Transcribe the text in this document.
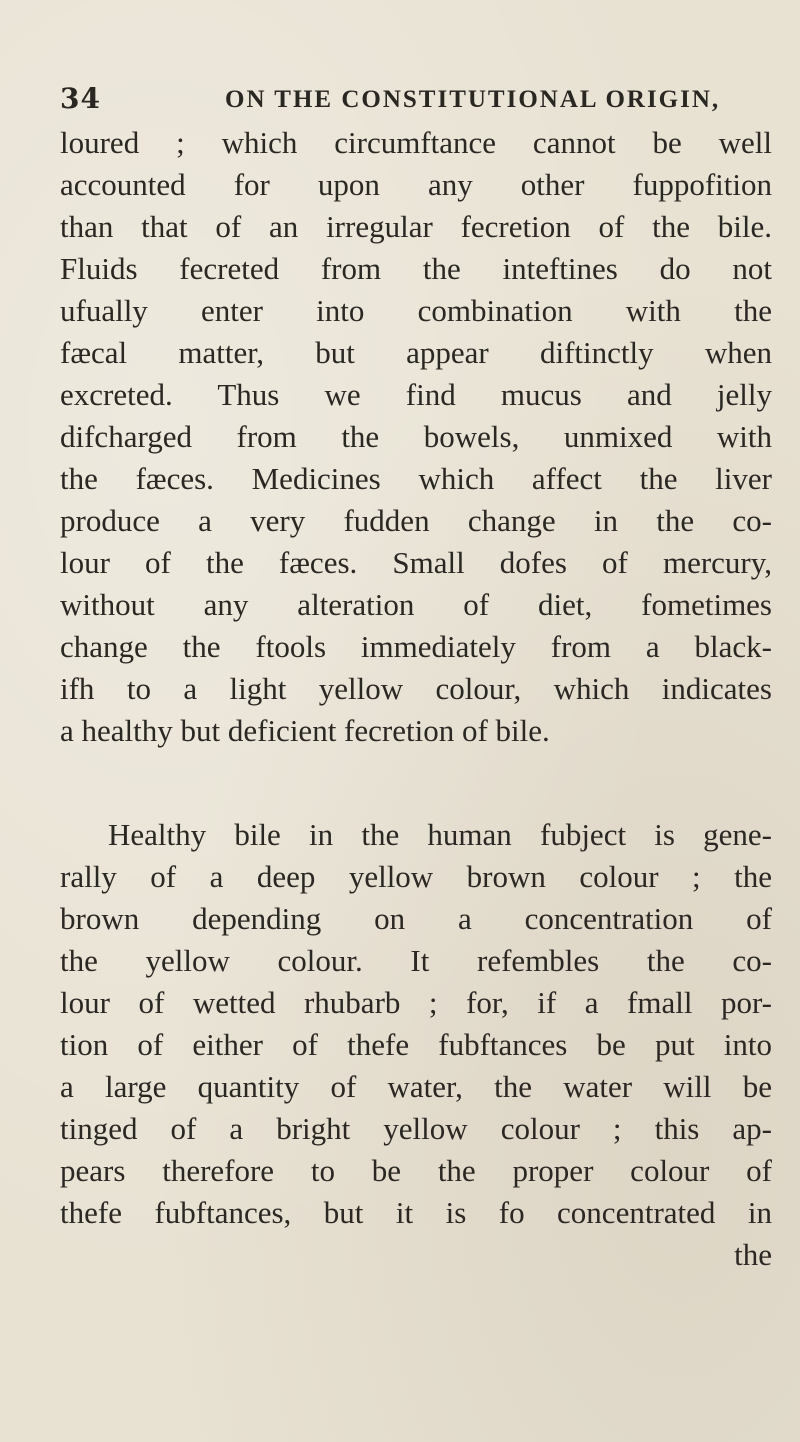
34	ON THE CONSTITUTIONAL ORIGIN,
loured ; which circumftance cannot be well
accounted for upon any other fuppofition
than that of an irregular fecretion of the bile.
Fluids fecreted from the inteftines do not
ufually enter into combination with the
fæcal matter, but appear diftinctly when
excreted. Thus we find mucus and jelly
difcharged from the bowels, unmixed with
the fæces. Medicines which affect the liver
produce a very fudden change in the co-
lour of the fæces. Small dofes of mercury,
without any alteration of diet, fometimes
change the ftools immediately from a black-
ifh to a light yellow colour, which indicates
a healthy but deficient fecretion of bile.
Healthy bile in the human fubject is gene-
rally of a deep yellow brown colour ; the
brown depending on a concentration of
the yellow colour. It refembles the co-
lour of wetted rhubarb ; for, if a fmall por-
tion of either of thefe fubftances be put into
a large quantity of water, the water will be
tinged of a bright yellow colour ; this ap-
pears therefore to be the proper colour of
thefe fubftances, but it is fo concentrated in
the
